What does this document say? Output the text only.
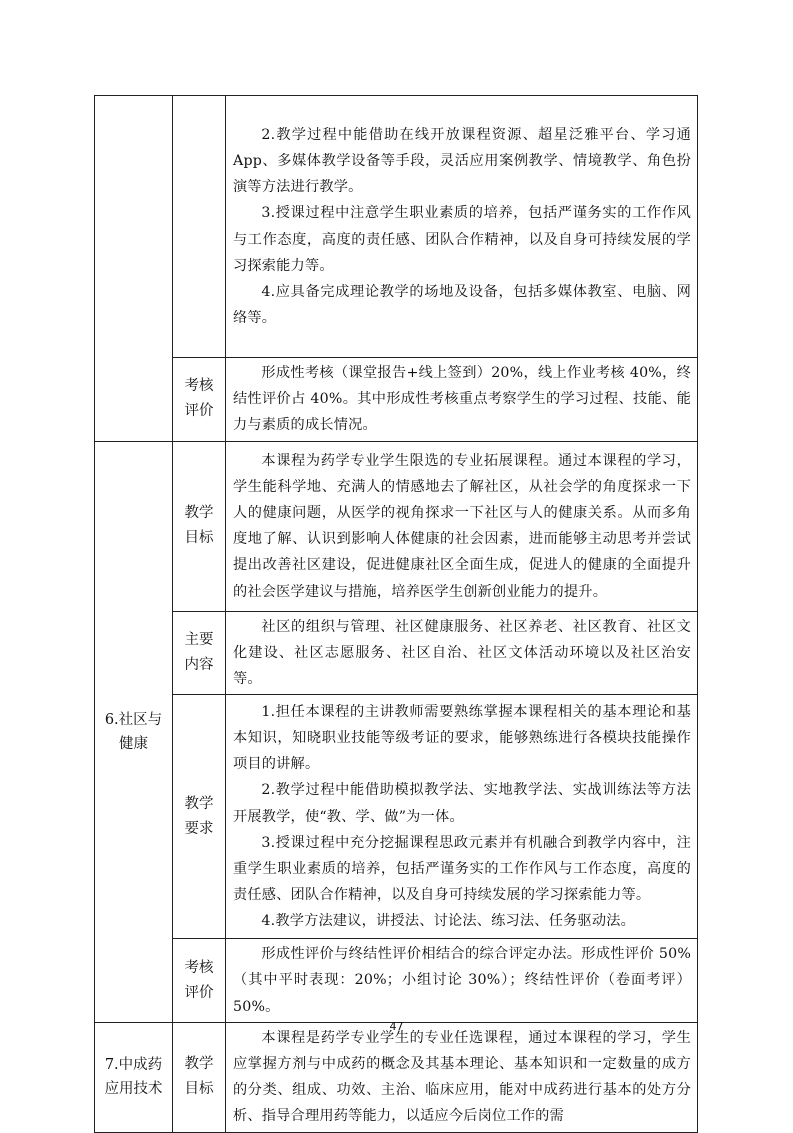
		2.教学过程中能借助在线开放课程资源、超星泛雅平台、学习通 App、多媒体教学设备等手段，灵活应用案例教学、情境教学、角色扮演等方法进行教学。

3.授课过程中注意学生职业素质的培养，包括严谨务实的工作作风与工作态度，高度的责任感、团队合作精神，以及自身可持续发展的学习探索能力等。

4.应具备完成理论教学的场地及设备，包括多媒体教室、电脑、网络等。

	考核评价	形成性考核（课堂报告+线上签到）20%，线上作业考核 40%，终结性评价占 40%。其中形成性考核重点考察学生的学习过程、技能、能力与素质的成长情况。

6.社区与健康	教学目标	本课程为药学专业学生限选的专业拓展课程。通过本课程的学习，学生能科学地、充满人的情感地去了解社区，从社会学的角度探求一下人的健康问题，从医学的视角探求一下社区与人的健康关系。从而多角度地了解、认识到影响人体健康的社会因素，进而能够主动思考并尝试提出改善社区建设，促进健康社区全面生成，促进人的健康的全面提升的社会医学建议与措施，培养医学生创新创业能力的提升。

	主要内容	社区的组织与管理、社区健康服务、社区养老、社区教育、社区文化建设、社区志愿服务、社区自治、社区文体活动环境以及社区治安等。

	教学要求	1.担任本课程的主讲教师需要熟练掌握本课程相关的基本理论和基本知识，知晓职业技能等级考证的要求，能够熟练进行各模块技能操作项目的讲解。

2.教学过程中能借助模拟教学法、实地教学法、实战训练法等方法开展教学，使“教、学、做”为一体。

3.授课过程中充分挖掘课程思政元素并有机融合到教学内容中，注重学生职业素质的培养，包括严谨务实的工作作风与工作态度，高度的责任感、团队合作精神，以及自身可持续发展的学习探索能力等。

4.教学方法建议，讲授法、讨论法、练习法、任务驱动法。

	考核评价	形成性评价与终结性评价相结合的综合评定办法。形成性评价 50%（其中平时表现：20%；小组讨论 30%）；终结性评价（卷面考评）50%。

7.中成药应用技术	教学目标	本课程是药学专业学生的专业任选课程，通过本课程的学习，学生应掌握方剂与中成药的概念及其基本理论、基本知识和一定数量的成方的分类、组成、功效、主治、临床应用，能对中成药进行基本的处方分析、指导合理用药等能力，以适应今后岗位工作的需

47
